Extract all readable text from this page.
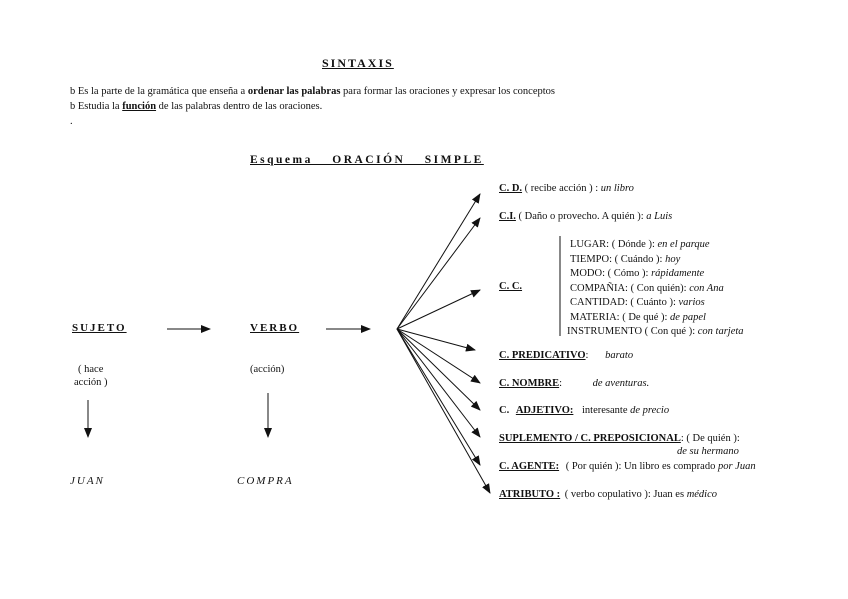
SINTAXIS
b Es la parte de la gramática que enseña a ordenar las palabras para formar las oraciones y expresar los conceptos
b Estudia la función de las palabras dentro de las oraciones.
.
Esquema ORACIÓN SIMPLE
SUJETO
( hace
acción )
JUAN
VERBO
(acción)
COMPRA
C. D. ( recibe acción ) : un libro
C.I. ( Daño o provecho. A quién ): a Luis
C. C.
LUGAR: ( Dónde ): en el parque
TIEMPO: ( Cuándo ): hoy
MODO: ( Cómo ): rápidamente
COMPAÑIA: ( Con quién): con Ana
CANTIDAD: ( Cuánto ): varios
MATERIA: ( De qué ): de papel
INSTRUMENTO ( Con qué ): con tarjeta
C. PREDICATIVO: barato
C. NOMBRE:	de aventuras.
C. ADJETIVO: interesante de precio
SUPLEMENTO / C. PREPOSICIONAL: ( De quién ):
de su hermano
C. AGENTE: ( Por quién ): Un libro es comprado por Juan
ATRIBUTO : ( verbo copulativo ): Juan es médico
